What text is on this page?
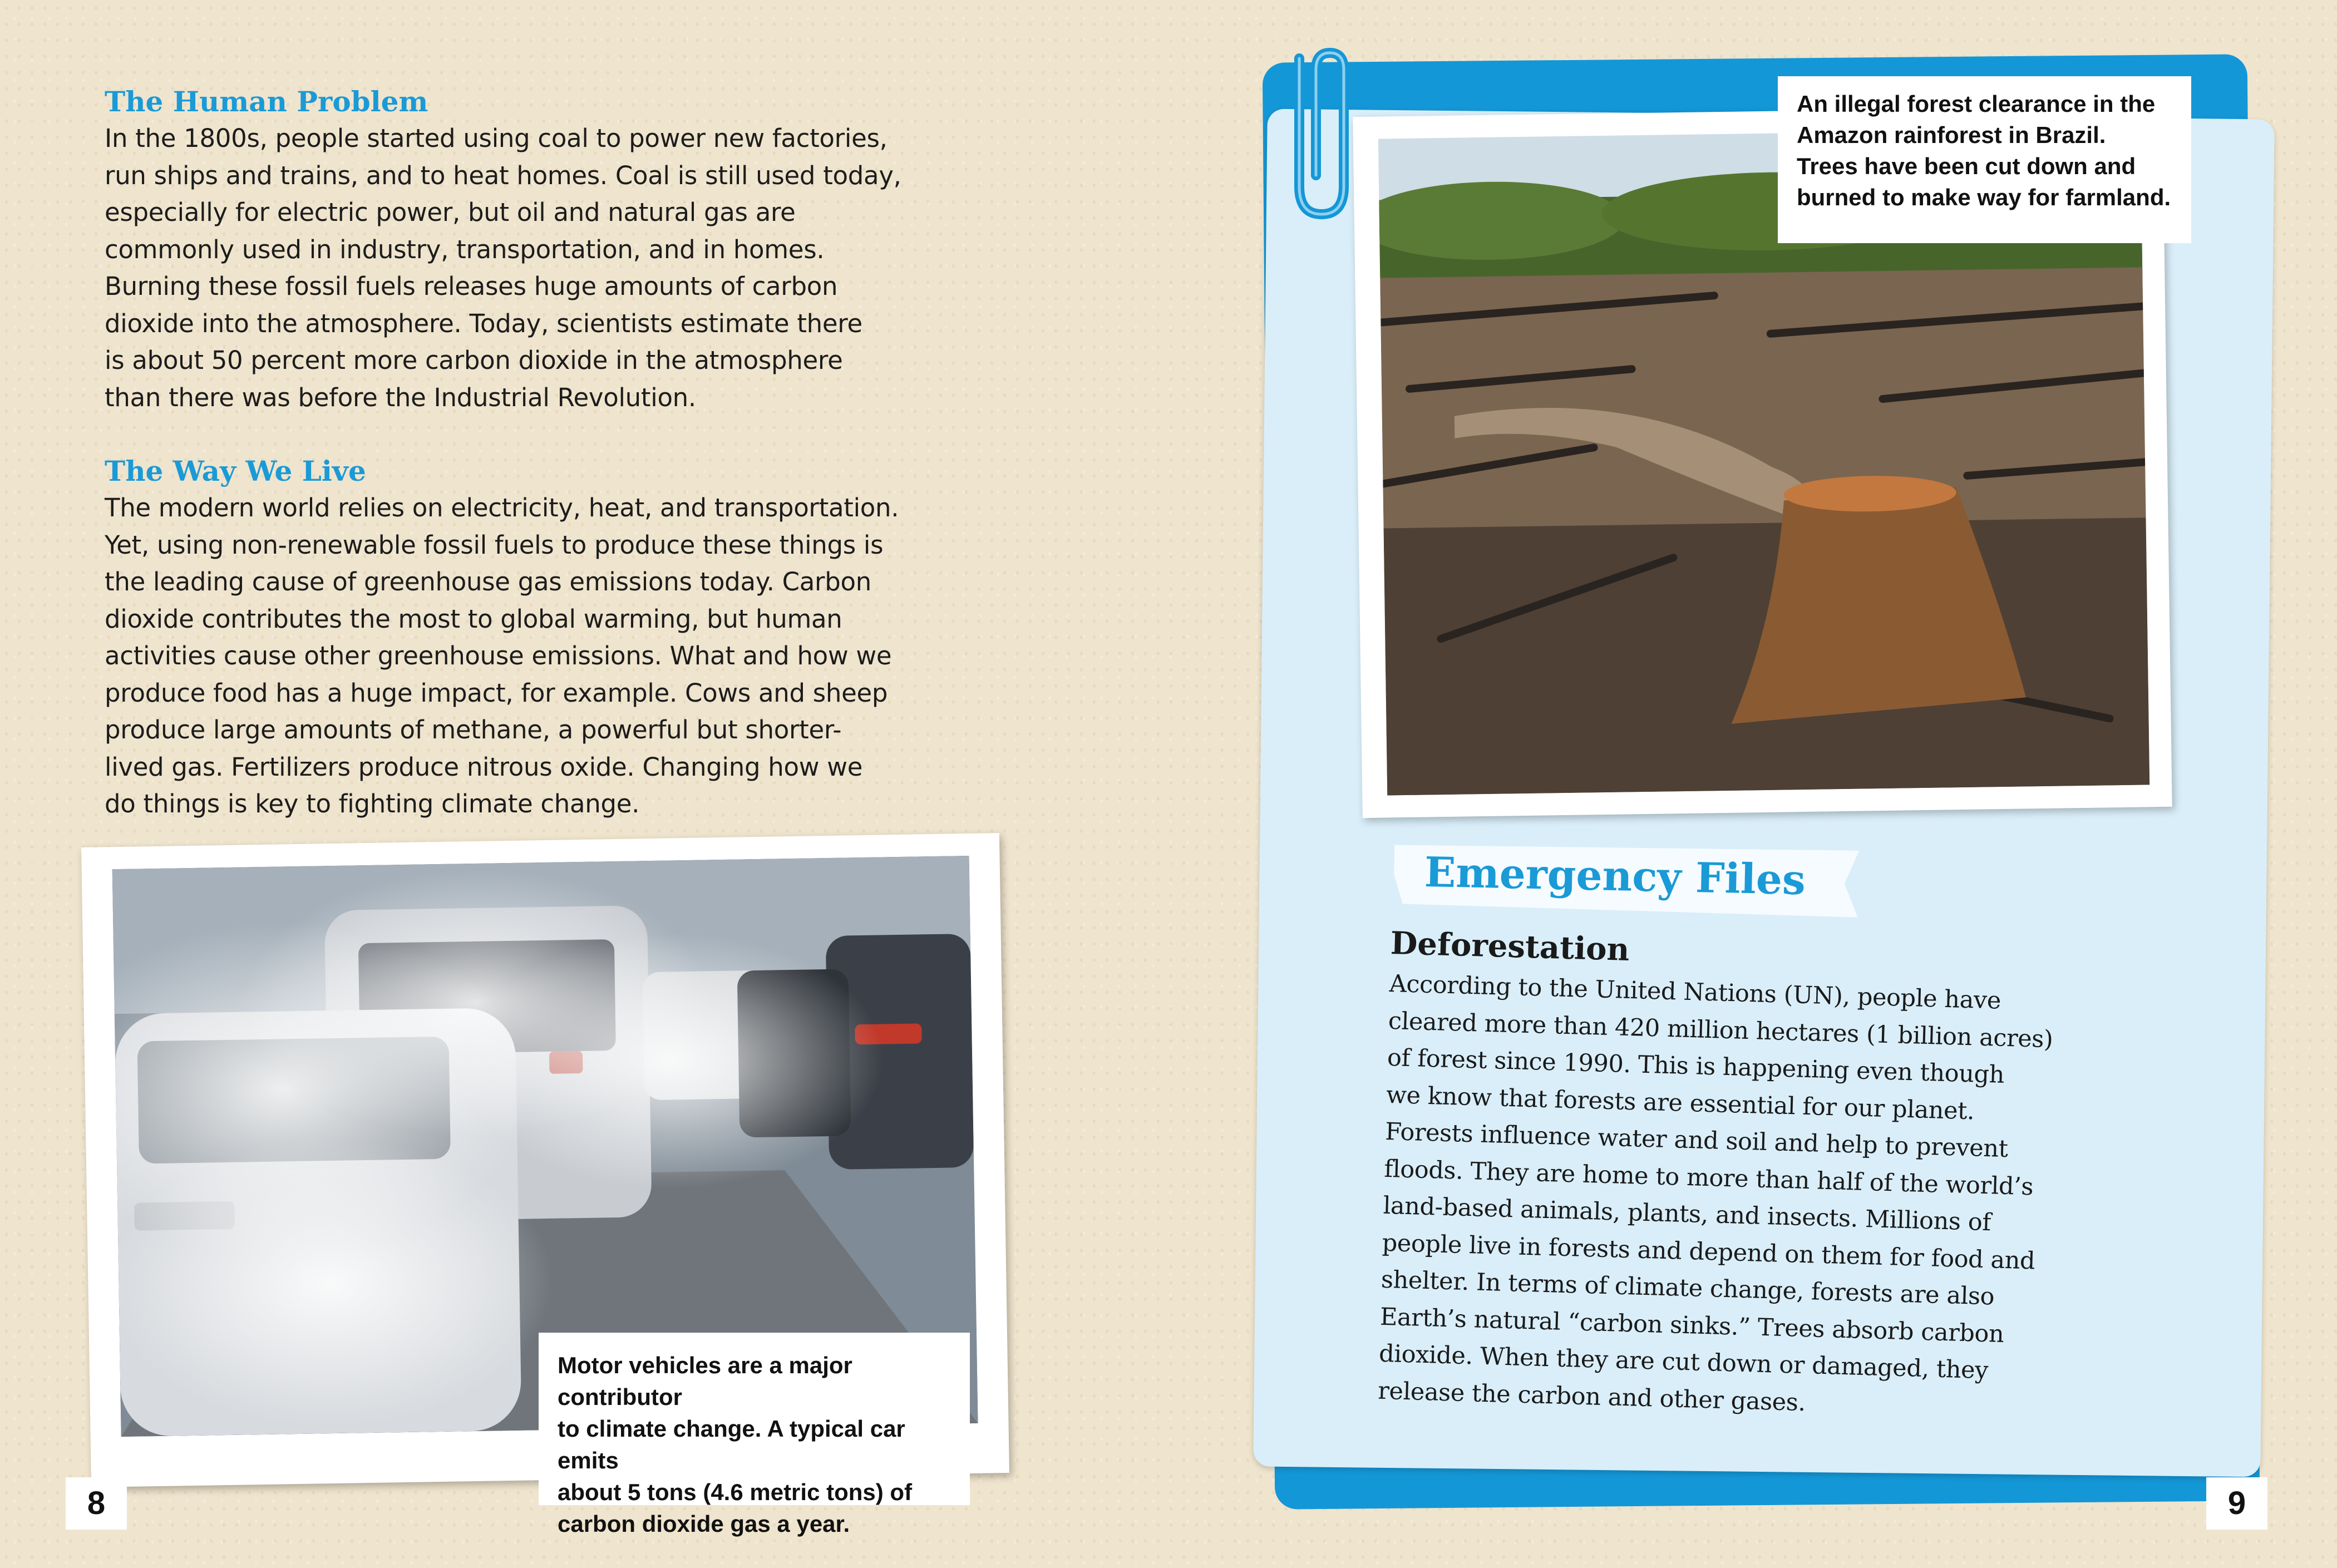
The Human Problem

In the 1800s, people started using coal to power new factories,
run ships and trains, and to heat homes. Coal is still used today,
especially for electric power, but oil and natural gas are
commonly used in industry, transportation, and in homes.
Burning these fossil fuels releases huge amounts of carbon
dioxide into the atmosphere. Today, scientists estimate there
is about 50 percent more carbon dioxide in the atmosphere
than there was before the Industrial Revolution.

The Way We Live

The modern world relies on electricity, heat, and transportation.
Yet, using non-renewable fossil fuels to produce these things is
the leading cause of greenhouse gas emissions today. Carbon
dioxide contributes the most to global warming, but human
activities cause other greenhouse emissions. What and how we
produce food has a huge impact, for example. Cows and sheep
produce large amounts of methane, a powerful but shorter-
lived gas. Fertilizers produce nitrous oxide. Changing how we
do things is key to fighting climate change.

Motor vehicles are a major contributor
to climate change. A typical car emits
about 5 tons (4.6 metric tons) of
carbon dioxide gas a year.
8
An illegal forest clearance in the
Amazon rainforest in Brazil.
Trees have been cut down and
burned to make way for farmland.
Emergency Files
Deforestation
According to the United Nations (UN), people have
cleared more than 420 million hectares (1 billion acres)
of forest since 1990. This is happening even though
we know that forests are essential for our planet.
Forests influence water and soil and help to prevent
floods. They are home to more than half of the world’s
land-based animals, plants, and insects. Millions of
people live in forests and depend on them for food and
shelter. In terms of climate change, forests are also
Earth’s natural “carbon sinks.” Trees absorb carbon
dioxide. When they are cut down or damaged, they
release the carbon and other gases.
9
